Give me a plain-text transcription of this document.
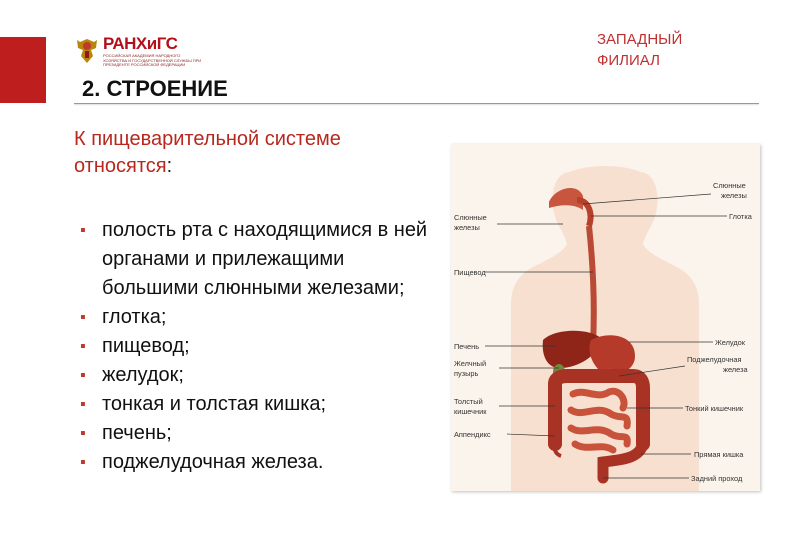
РАНХиГС
РОССИЙСКАЯ АКАДЕМИЯ НАРОДНОГО ХОЗЯЙСТВА И ГОСУДАРСТВЕННОЙ СЛУЖБЫ ПРИ ПРЕЗИДЕНТЕ РОССИЙСКОЙ ФЕДЕРАЦИИ
ЗАПАДНЫЙ
ФИЛИАЛ
2. СТРОЕНИЕ

К пищеварительной системе относятся:

▪ полость рта с находящимися в ней органами и прилежащими большими слюнными железами;
▪ глотка;
▪ пищевод;
▪ желудок;
▪ тонкая и толстая кишка;
▪ печень;
▪ поджелудочная железа.
Слюнные
железы
Глотка
Слюнные
железы
Пищевод
Печень	Желудок
Желчный
пузырь
Поджелудочная
железа
Толстый
кишечник	Тонкий кишечник
Аппендикс
Прямая кишка
Задний проход
